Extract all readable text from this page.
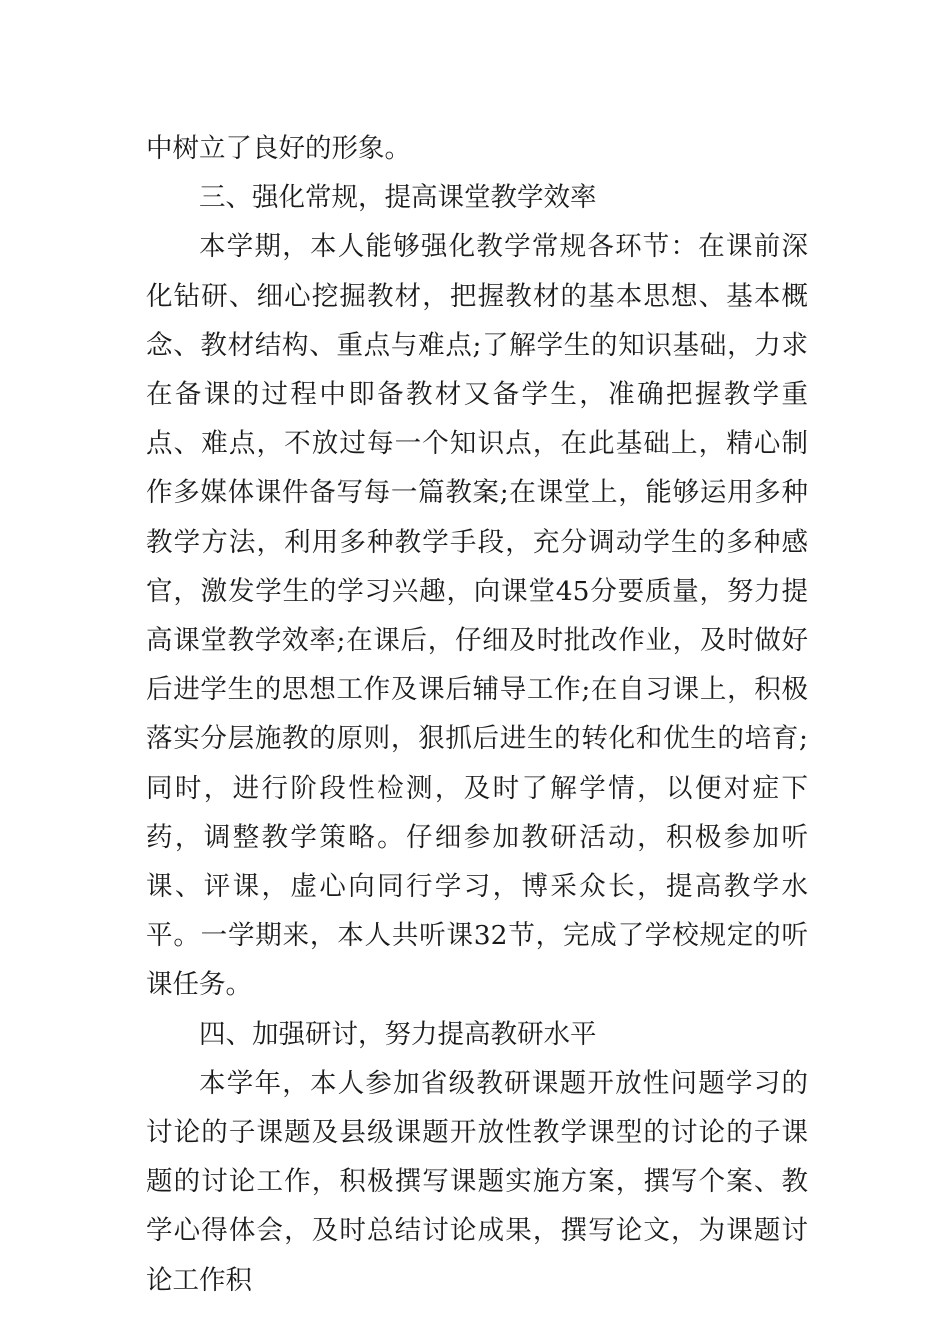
中树立了良好的形象。

三、强化常规，提高课堂教学效率

本学期，本人能够强化教学常规各环节：在课前深化钻研、细心挖掘教材，把握教材的基本思想、基本概念、教材结构、重点与难点;了解学生的知识基础，力求在备课的过程中即备教材又备学生，准确把握教学重点、难点，不放过每一个知识点，在此基础上，精心制作多媒体课件备写每一篇教案;在课堂上，能够运用多种教学方法，利用多种教学手段，充分调动学生的多种感官，激发学生的学习兴趣，向课堂45分要质量，努力提高课堂教学效率;在课后，仔细及时批改作业，及时做好后进学生的思想工作及课后辅导工作;在自习课上，积极落实分层施教的原则，狠抓后进生的转化和优生的培育;同时，进行阶段性检测，及时了解学情，以便对症下药，调整教学策略。仔细参加教研活动，积极参加听课、评课，虚心向同行学习，博采众长，提高教学水平。一学期来，本人共听课32节，完成了学校规定的听课任务。

四、加强研讨，努力提高教研水平

本学年，本人参加省级教研课题开放性问题学习的讨论的子课题及县级课题开放性教学课型的讨论的子课题的讨论工作，积极撰写课题实施方案，撰写个案、教学心得体会，及时总结讨论成果，撰写论文，为课题讨论工作积
